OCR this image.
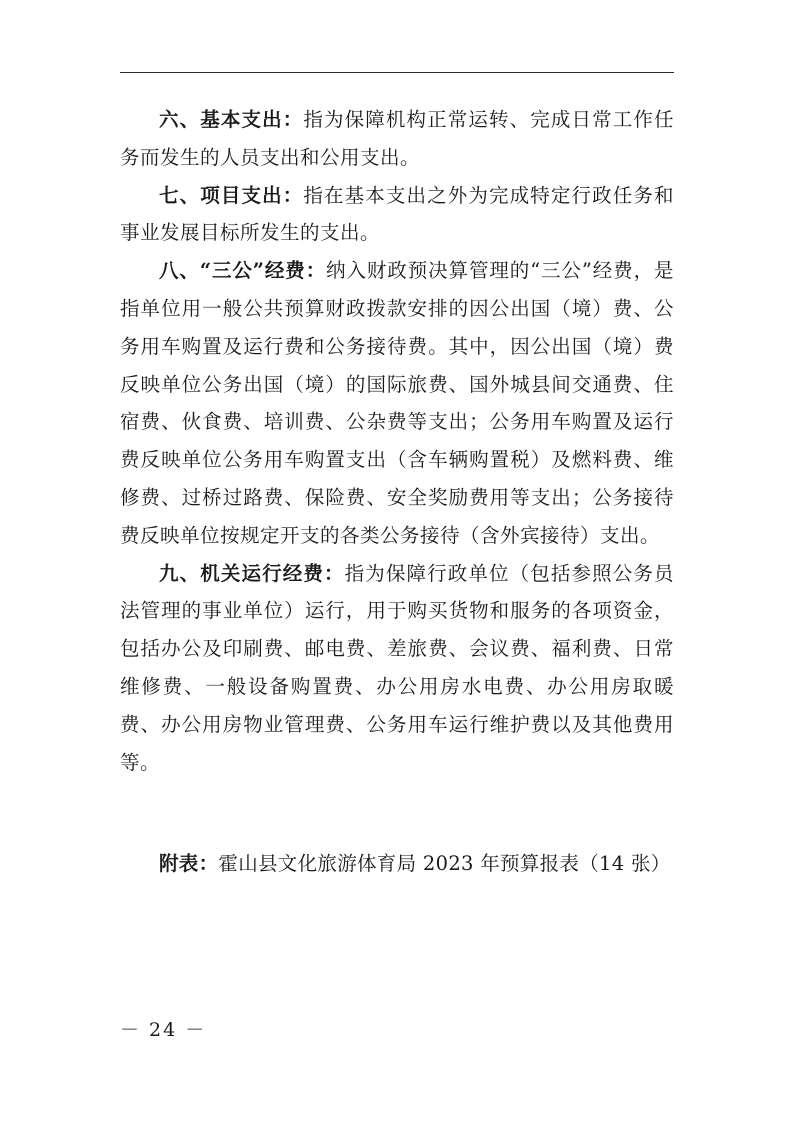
六、基本支出：指为保障机构正常运转、完成日常工作任务而发生的人员支出和公用支出。

七、项目支出：指在基本支出之外为完成特定行政任务和事业发展目标所发生的支出。

八、“三公”经费：纳入财政预决算管理的“三公”经费，是指单位用一般公共预算财政拨款安排的因公出国（境）费、公务用车购置及运行费和公务接待费。其中，因公出国（境）费反映单位公务出国（境）的国际旅费、国外城县间交通费、住宿费、伙食费、培训费、公杂费等支出；公务用车购置及运行费反映单位公务用车购置支出（含车辆购置税）及燃料费、维修费、过桥过路费、保险费、安全奖励费用等支出；公务接待费反映单位按规定开支的各类公务接待（含外宾接待）支出。

九、机关运行经费：指为保障行政单位（包括参照公务员法管理的事业单位）运行，用于购买货物和服务的各项资金，包括办公及印刷费、邮电费、差旅费、会议费、福利费、日常维修费、一般设备购置费、办公用房水电费、办公用房取暖费、办公用房物业管理费、公务用车运行维护费以及其他费用等。

附表：霍山县文化旅游体育局 2023 年预算报表（14 张）
－ 24 －
